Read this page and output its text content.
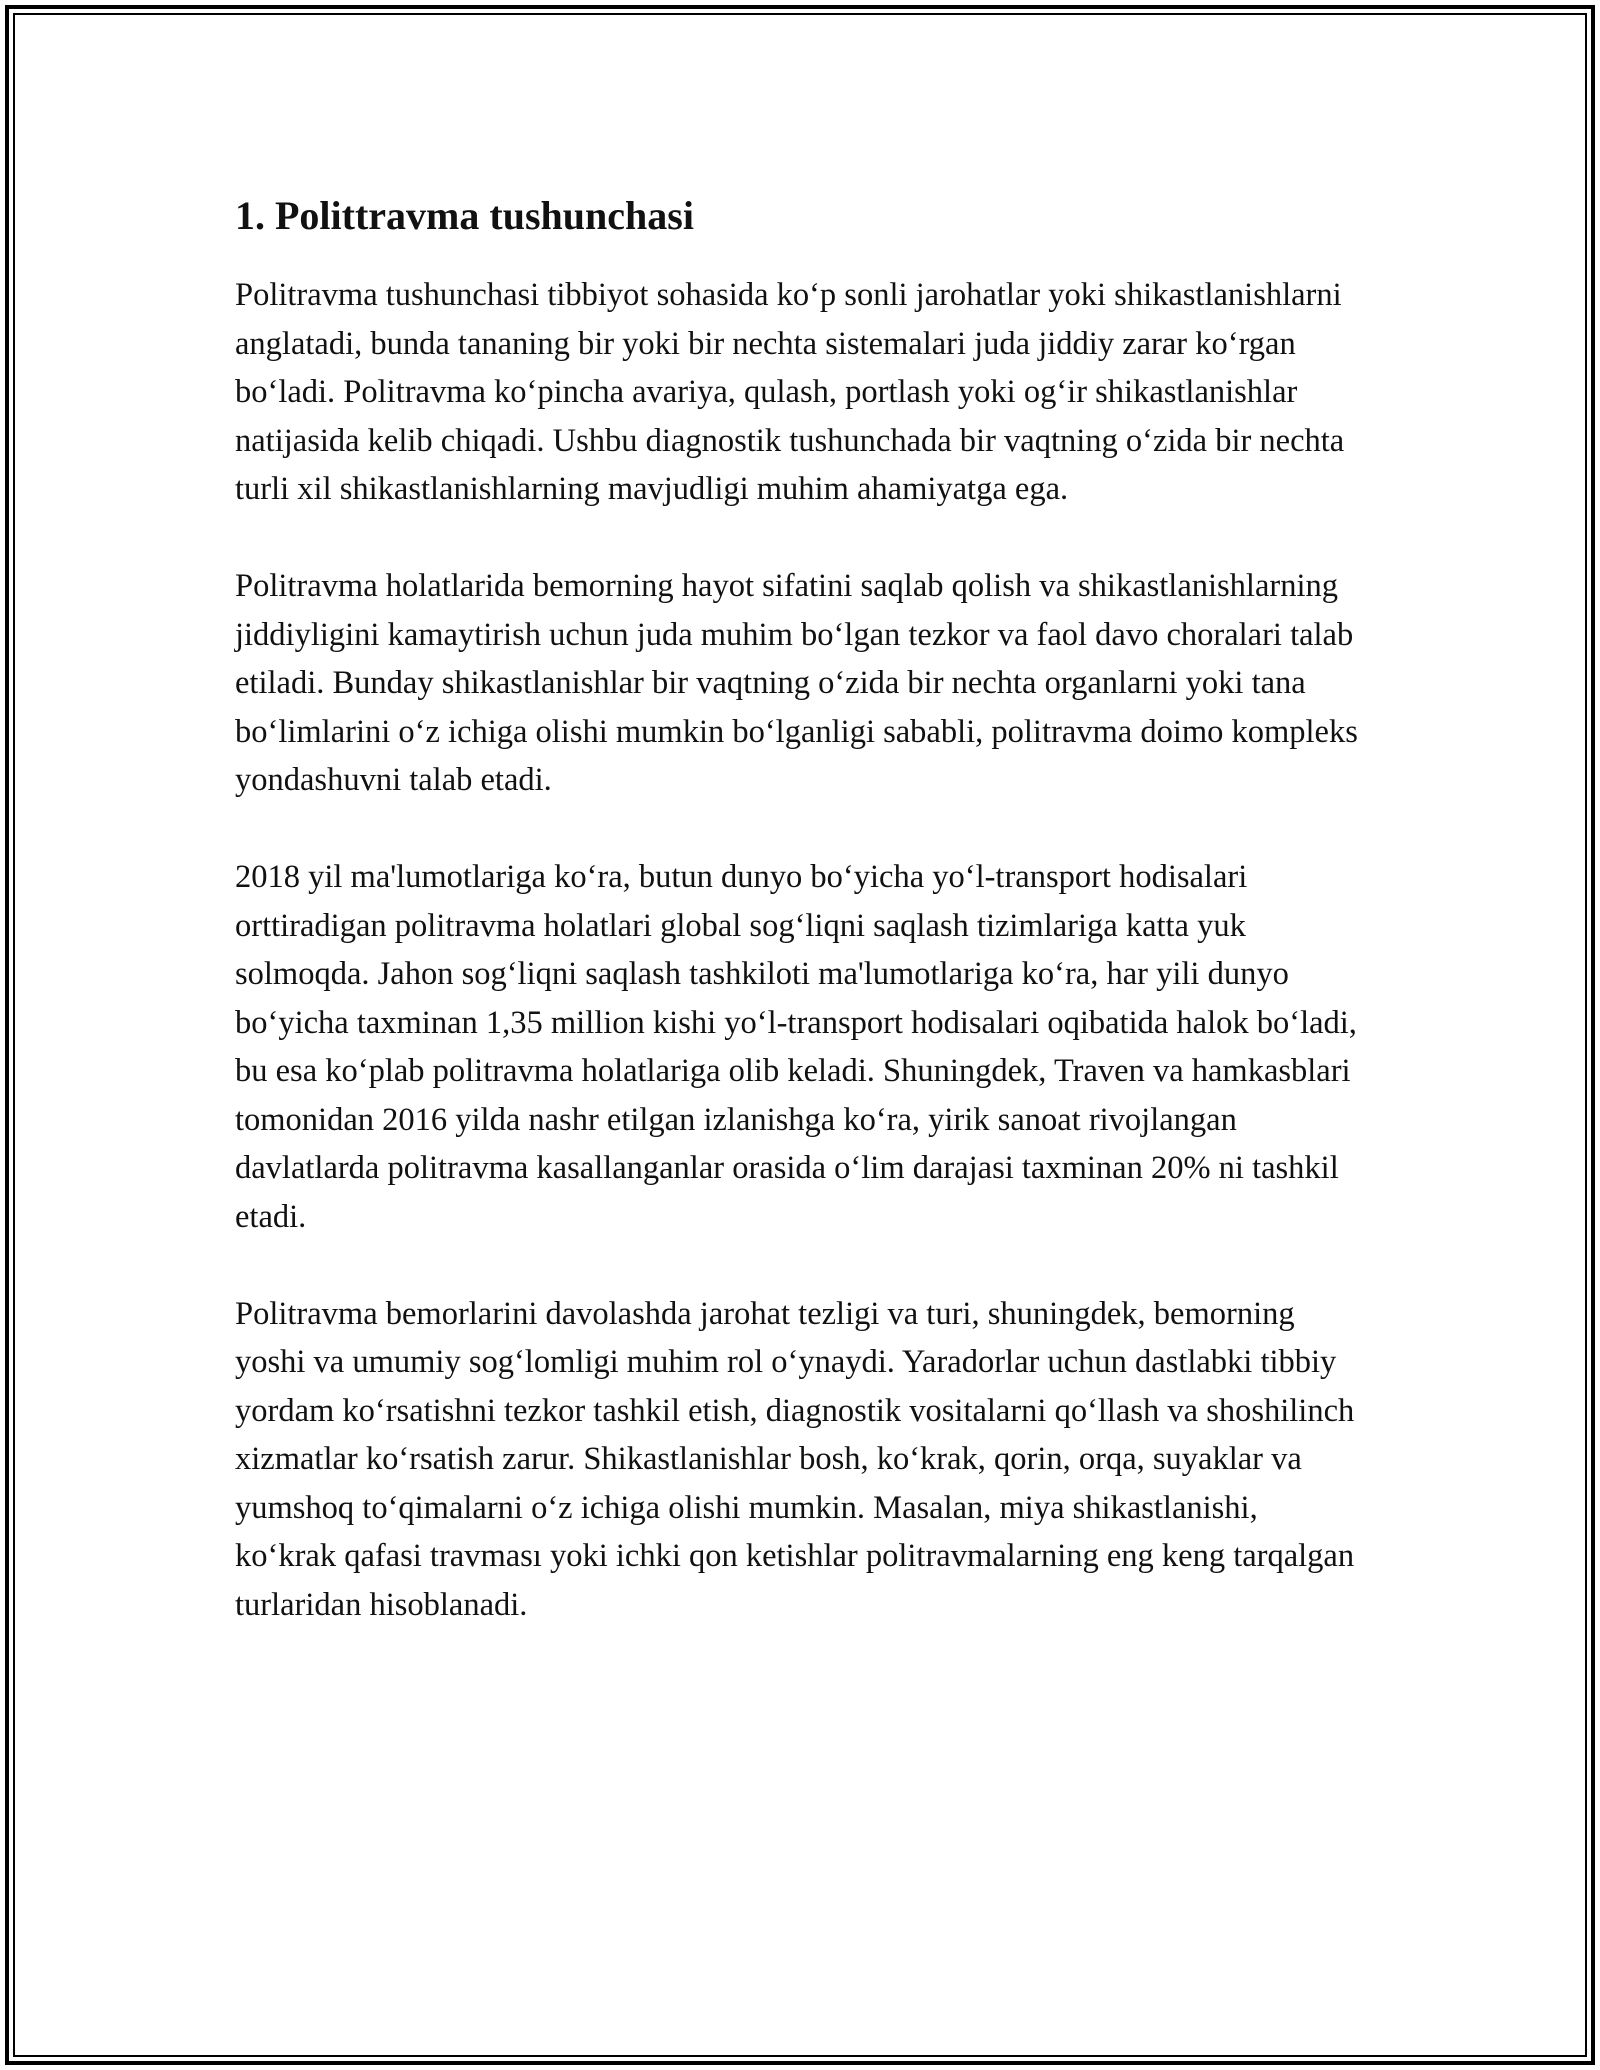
1. Polittravma tushunchasi

Politravma tushunchasi tibbiyot sohasida koʻp sonli jarohatlar yoki shikastlanishlarni anglatadi, bunda tananing bir yoki bir nechta sistemalari juda jiddiy zarar koʻrgan boʻladi. Politravma koʻpincha avariya, qulash, portlash yoki ogʻir shikastlanishlar natijasida kelib chiqadi. Ushbu diagnostik tushunchada bir vaqtning oʻzida bir nechta turli xil shikastlanishlarning mavjudligi muhim ahamiyatga ega.

Politravma holatlarida bemorning hayot sifatini saqlab qolish va shikastlanishlarning jiddiyligini kamaytirish uchun juda muhim boʻlgan tezkor va faol davo choralari talab etiladi. Bunday shikastlanishlar bir vaqtning oʻzida bir nechta organlarni yoki tana boʻlimlarini oʻz ichiga olishi mumkin boʻlganligi sababli, politravma doimo kompleks yondashuvni talab etadi.

2018 yil ma'lumotlariga koʻra, butun dunyo boʻyicha yoʻl-transport hodisalari orttiradigan politravma holatlari global sogʻliqni saqlash tizimlariga katta yuk solmoqda. Jahon sogʻliqni saqlash tashkiloti ma'lumotlariga koʻra, har yili dunyo boʻyicha taxminan 1,35 million kishi yoʻl-transport hodisalari oqibatida halok boʻladi, bu esa koʻplab politravma holatlariga olib keladi. Shuningdek, Traven va hamkasblari tomonidan 2016 yilda nashr etilgan izlanishga koʻra, yirik sanoat rivojlangan davlatlarda politravma kasallanganlar orasida oʻlim darajasi taxminan 20% ni tashkil etadi.

Politravma bemorlarini davolashda jarohat tezligi va turi, shuningdek, bemorning yoshi va umumiy sogʻlomligi muhim rol oʻynaydi. Yaradorlar uchun dastlabki tibbiy yordam koʻrsatishni tezkor tashkil etish, diagnostik vositalarni qoʻllash va shoshilinch xizmatlar koʻrsatish zarur. Shikastlanishlar bosh, koʻkrak, qorin, orqa, suyaklar va yumshoq toʻqimalarni oʻz ichiga olishi mumkin. Masalan, miya shikastlanishi, koʻkrak qafasi travması yoki ichki qon ketishlar politravmalarning eng keng tarqalgan turlaridan hisoblanadi.
